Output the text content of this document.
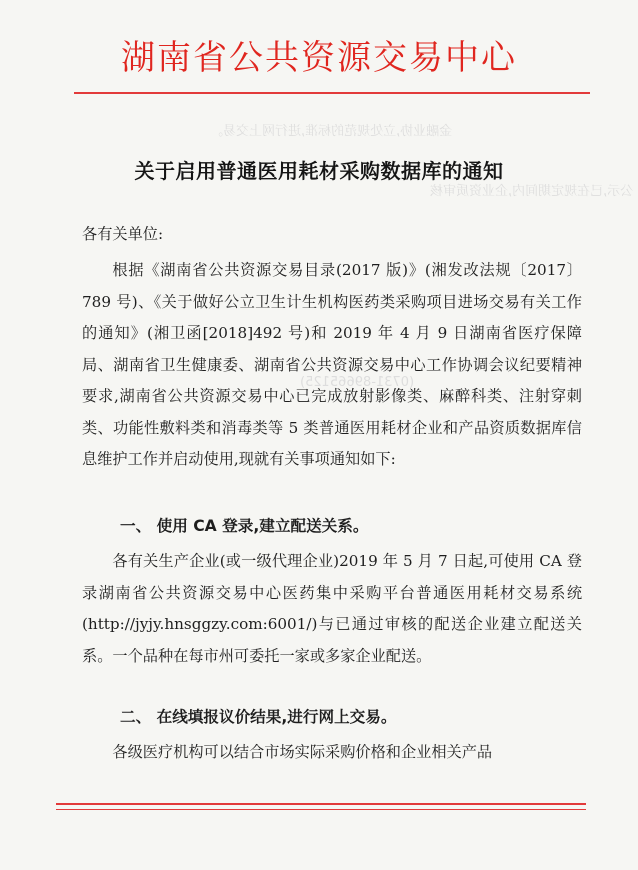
金融业协,立处规范的标准,进行网上交易。
公示,已在规定期间内,企业资质审核
(0731-89665125)
湖南省公共资源交易中心
关于启用普通医用耗材采购数据库的通知
各有关单位:
根据《湖南省公共资源交易目录(2017 版)》(湘发改法规〔2017〕789 号)、《关于做好公立卫生计生机构医药类采购项目进场交易有关工作的通知》(湘卫函[2018]492 号)和 2019 年 4 月 9 日湖南省医疗保障局、湖南省卫生健康委、湖南省公共资源交易中心工作协调会议纪要精神要求,湖南省公共资源交易中心已完成放射影像类、麻醉科类、注射穿刺类、功能性敷料类和消毒类等 5 类普通医用耗材企业和产品资质数据库信息维护工作并启动使用,现就有关事项通知如下:
一、 使用 CA 登录,建立配送关系。
各有关生产企业(或一级代理企业)2019 年 5 月 7 日起,可使用 CA 登录湖南省公共资源交易中心医药集中采购平台普通医用耗材交易系统(http://jyjy.hnsggzy.com:6001/)与已通过审核的配送企业建立配送关系。一个品种在每市州可委托一家或多家企业配送。
二、 在线填报议价结果,进行网上交易。
各级医疗机构可以结合市场实际采购价格和企业相关产品
